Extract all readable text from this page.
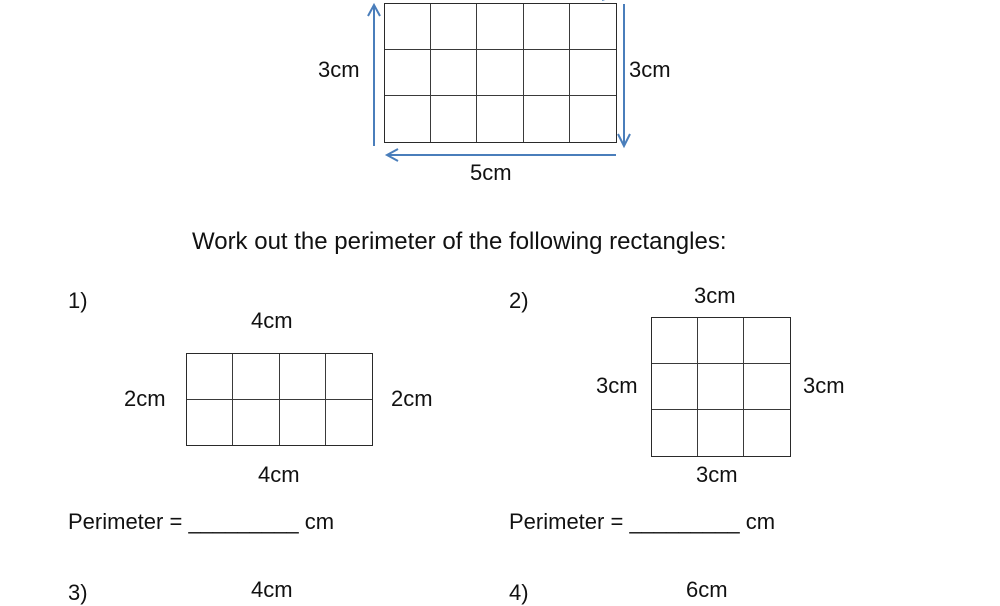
3cm	3cm
5cm
Work out the perimeter of the following rectangles:
1)
4cm
2cm	2cm
4cm
Perimeter = _________ cm
2)	3cm
3cm	3cm
3cm
Perimeter = _________ cm
3)	4cm	4)	6cm
